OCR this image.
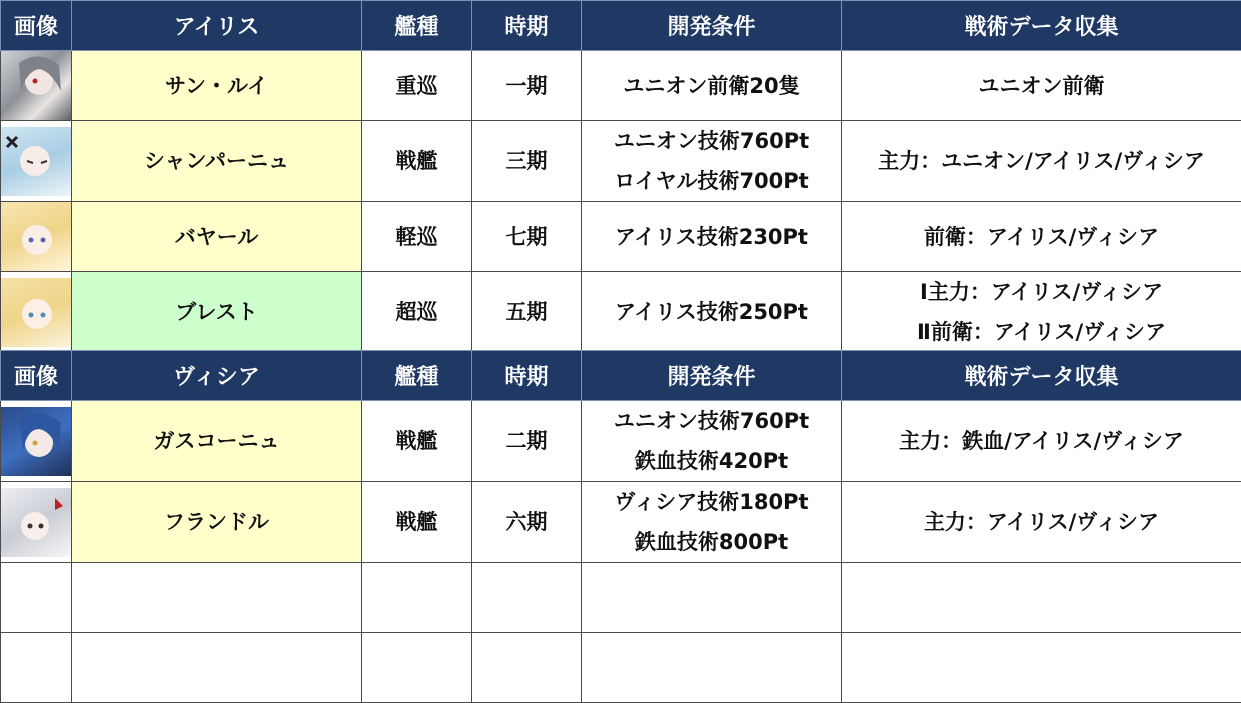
画像	アイリス	艦種	時期	開発条件	戦術データ収集

	サン・ルイ	重巡	一期	ユニオン前衛20隻	ユニオン前衛

	シャンパーニュ	戦艦	三期	ユニオン技術760Pt
ロイヤル技術700Pt	主力：ユニオン/アイリス/ヴィシア

	バヤール	軽巡	七期	アイリス技術230Pt	前衛：アイリス/ヴィシア

	ブレスト	超巡	五期	アイリス技術250Pt	Ⅰ主力：アイリス/ヴィシア
Ⅱ前衛：アイリス/ヴィシア
画像	ヴィシア	艦種	時期	開発条件	戦術データ収集

	ガスコーニュ	戦艦	二期	ユニオン技術760Pt
鉄血技術420Pt	主力：鉄血/アイリス/ヴィシア

	フランドル	戦艦	六期	ヴィシア技術180Pt
鉄血技術800Pt	主力：アイリス/ヴィシア
